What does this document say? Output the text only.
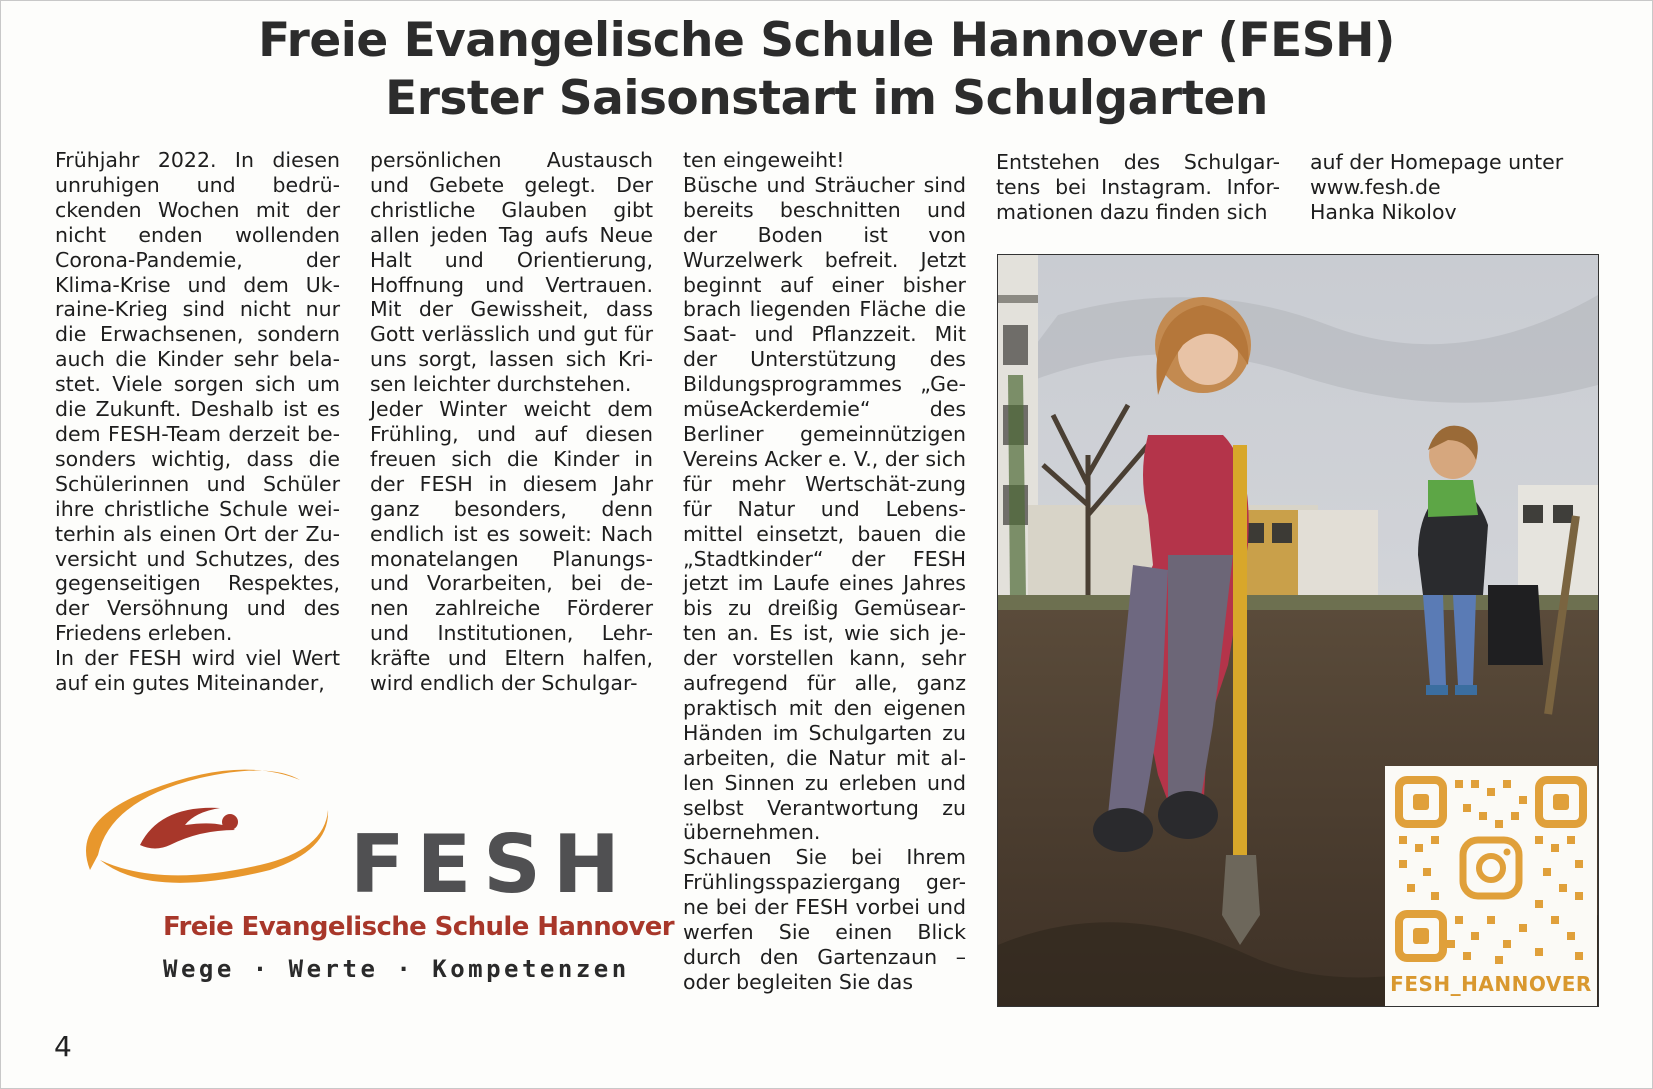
Freie Evangelische Schule Hannover (FESH)
Erster Saisonstart im Schulgarten

Frühjahr 2022. In diesen unruhigen und bedrü-ckenden Wochen mit der nicht enden wollenden Corona-Pandemie, der Klima-Krise und dem Uk-raine-Krieg sind nicht nur die Erwachsenen, sondern auch die Kinder sehr bela-stet. Viele sorgen sich um die Zukunft. Deshalb ist es dem FESH-Team derzeit be-sonders wichtig, dass die Schülerinnen und Schüler ihre christliche Schule wei-terhin als einen Ort der Zu-versicht und Schutzes, des gegenseitigen Respektes, der Versöhnung und des Friedens erleben.

In der FESH wird viel Wert auf ein gutes Miteinander,

persönlichen Austausch und Gebete gelegt. Der christliche Glauben gibt allen jeden Tag aufs Neue Halt und Orientierung, Hoffnung und Vertrauen. Mit der Gewissheit, dass Gott verlässlich und gut für uns sorgt, lassen sich Kri-sen leichter durchstehen.

Jeder Winter weicht dem Frühling, und auf diesen freuen sich die Kinder in der FESH in diesem Jahr ganz besonders, denn endlich ist es soweit: Nach monatelangen Planungs- und Vorarbeiten, bei de-nen zahlreiche Förderer und Institutionen, Lehr-kräfte und Eltern halfen, wird endlich der Schulgar-

ten eingeweiht!

Büsche und Sträucher sind bereits beschnitten und der Boden ist von Wurzelwerk befreit. Jetzt beginnt auf einer bisher brach liegenden Fläche die Saat- und Pflanzzeit. Mit der Unterstützung des Bildungsprogrammes „Ge-müseAckerdemie“ des Berliner gemeinnützigen Vereins Acker e. V., der sich für mehr Wertschät-zung für Natur und Lebens-mittel einsetzt, bauen die „Stadtkinder“ der FESH jetzt im Laufe eines Jahres bis zu dreißig Gemüsear-ten an. Es ist, wie sich je-der vorstellen kann, sehr aufregend für alle, ganz praktisch mit den eigenen Händen im Schulgarten zu arbeiten, die Natur mit al-len Sinnen zu erleben und selbst Verantwortung zu übernehmen.

Schauen Sie bei Ihrem Frühlingsspaziergang ger-ne bei der FESH vorbei und werfen Sie einen Blick durch den Gartenzaun – oder begleiten Sie das

Entstehen des Schulgar-tens bei Instagram. Infor-mationen dazu finden sich

auf der Homepage unter

www.fesh.de

Hanka Nikolov

FESH_HANNOVER
FESH
Freie Evangelische Schule Hannover
Wege · Werte · Kompetenzen
4
